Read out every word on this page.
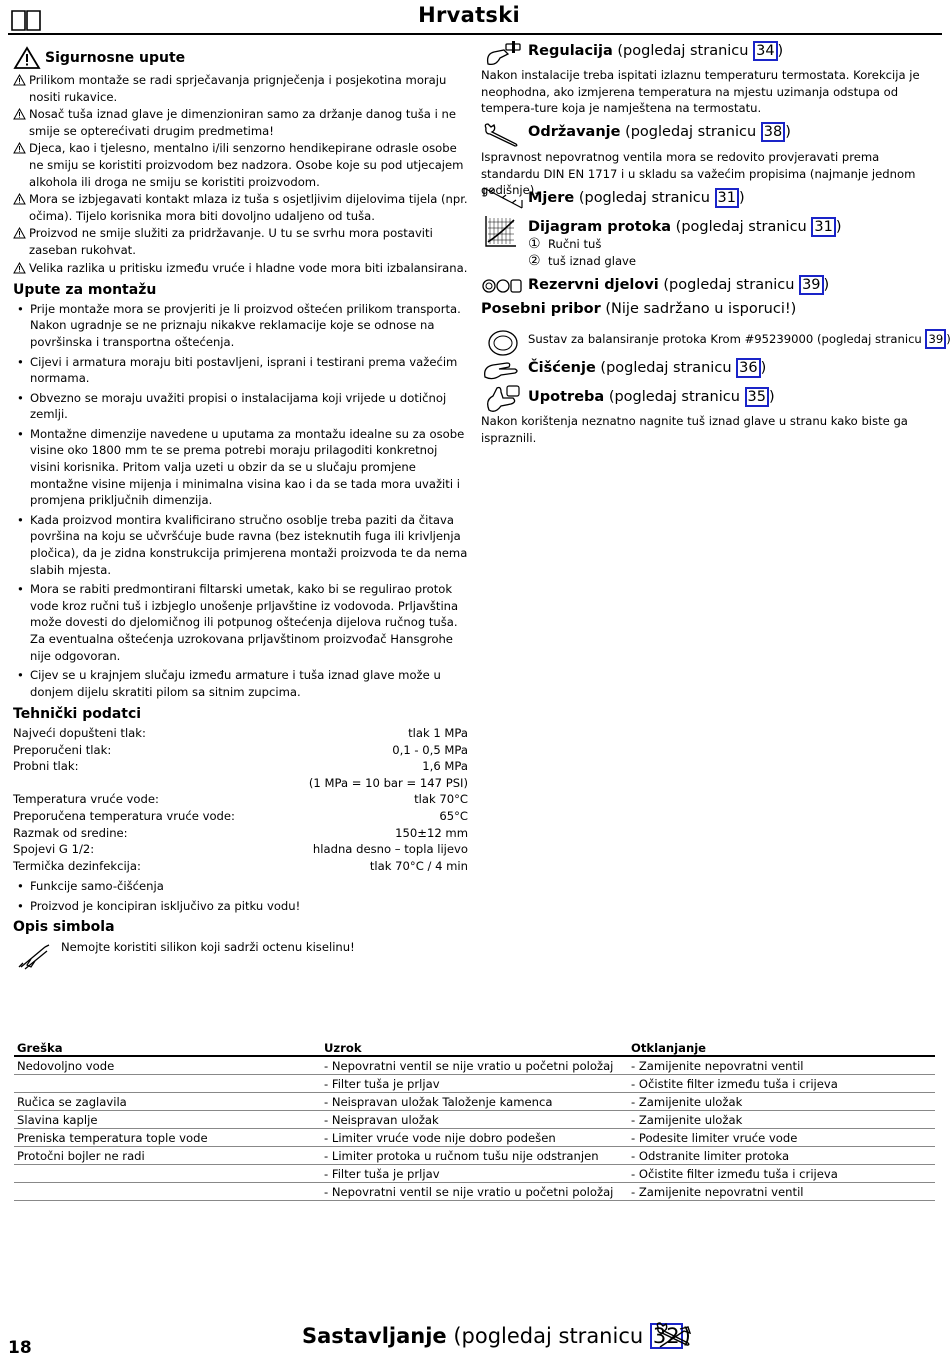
Hrvatski
Sigurnosne upute
Prilikom montaže se radi sprječavanja prignječenja i posjekotina moraju nositi rukavice.
Nosač tuša iznad glave je dimenzioniran samo za držanje danog tuša i ne smije se opterećivati drugim predmetima!
Djeca, kao i tjelesno, mentalno i/ili senzorno hendikepirane odrasle osobe ne smiju se koristiti proizvodom bez nadzora. Osobe koje su pod utjecajem alkohola ili droga ne smiju se koristiti proizvodom.
Mora se izbjegavati kontakt mlaza iz tuša s osjetljivim dijelovima tijela (npr. očima). Tijelo korisnika mora biti dovoljno udaljeno od tuša.
Proizvod ne smije služiti za pridržavanje. U tu se svrhu mora postaviti zaseban rukohvat.
Velika razlika u pritisku između vruće i hladne vode mora biti izbalansirana.
Upute za montažu
• Prije montaže mora se provjeriti je li proizvod oštećen prilikom transporta. Nakon ugradnje se ne priznaju nikakve reklamacije koje se odnose na površinska i transportna oštećenja.
• Cijevi i armatura moraju biti postavljeni, isprani i testirani prema važećim normama.
• Obvezno se moraju uvažiti propisi o instalacijama koji vrijede u dotičnoj zemlji.
• Montažne dimenzije navedene u uputama za montažu idealne su za osobe visine oko 1800 mm te se prema potrebi moraju prilagoditi konkretnoj visini korisnika. Pritom valja uzeti u obzir da se u slučaju promjene montažne visine mijenja i minimalna visina kao i da se tada mora uvažiti i promjena priključnih dimenzija.
• Kada proizvod montira kvalificirano stručno osoblje treba paziti da čitava površina na koju se učvršćuje bude ravna (bez isteknutih fuga ili krivljenja pločica), da je zidna konstrukcija primjerena montaži proizvoda te da nema slabih mjesta.
• Mora se rabiti predmontirani filtarski umetak, kako bi se regulirao protok vode kroz ručni tuš i izbjeglo unošenje prljavštine iz vodovoda. Prljavština može dovesti do djelomičnog ili potpunog oštećenja dijelova ručnog tuša. Za eventualna oštećenja uzrokovana prljavštinom proizvođač Hansgrohe nije odgovoran.
• Cijev se u krajnjem slučaju između armature i tuša iznad glave može u donjem dijelu skratiti pilom sa sitnim zupcima.
Tehnički podatci
Najveći dopušteni tlak:	tlak 1 MPa
Preporučeni tlak:	0,1 - 0,5 MPa
Probni tlak:	1,6 MPa
(1 MPa = 10 bar = 147 PSI)
Temperatura vruće vode:	tlak 70°C
Preporučena temperatura vruće vode:	65°C
Razmak od sredine:	150±12 mm
Spojevi G 1/2:	hladna desno – topla lijevo
Termička dezinfekcija:	tlak 70°C / 4 min
• Funkcije samo-čišćenja
• Proizvod je koncipiran isključivo za pitku vodu!
Opis simbola
Nemojte koristiti silikon koji sadrži octenu kiselinu!
Regulacija (pogledaj stranicu 34 )
Nakon instalacije treba ispitati izlaznu temperaturu termostata. Korekcija je neophodna, ako izmjerena temperatura na mjestu uzimanja odstupa od tempera-ture koja je namještena na termostatu.
Održavanje (pogledaj stranicu 38 )
Ispravnost nepovratnog ventila mora se redovito provjeravati prema standardu DIN EN 1717 i u skladu sa važećim propisima (najmanje jednom godišnje).
Mjere (pogledaj stranicu 31 )
Dijagram protoka (pogledaj stranicu 31 )
① Ručni tuš
② tuš iznad glave
Rezervni djelovi (pogledaj stranicu 39 )
Posebni pribor (Nije sadržano u isporuci!)
Sustav za balansiranje protoka Krom #95239000 (pogledaj stranicu 39 )
Čišćenje (pogledaj stranicu 36 )
Upotreba (pogledaj stranicu 35 )
Nakon korištenja neznatno nagnite tuš iznad glave u stranu kako biste ga ispraznili.
Greška	Uzrok	Otklanjanje
Nedovoljno vode	- Nepovratni ventil se nije vratio u početni položaj	- Zamijenite nepovratni ventil
	- Filter tuša je prljav	- Očistite filter između tuša i crijeva
Ručica se zaglavila	- Neispravan uložak Taloženje kamenca	- Zamijenite uložak
Slavina kaplje	- Neispravan uložak	- Zamijenite uložak
Preniska temperatura tople vode	- Limiter vruće vode nije dobro podešen	- Podesite limiter vruće vode
Protočni bojler ne radi	- Limiter protoka u ručnom tušu nije odstranjen	- Odstranite limiter protoka
	- Filter tuša je prljav	- Očistite filter između tuša i crijeva
	- Nepovratni ventil se nije vratio u početni položaj	- Zamijenite nepovratni ventil
18	Sastavljanje (pogledaj stranicu 32 )
